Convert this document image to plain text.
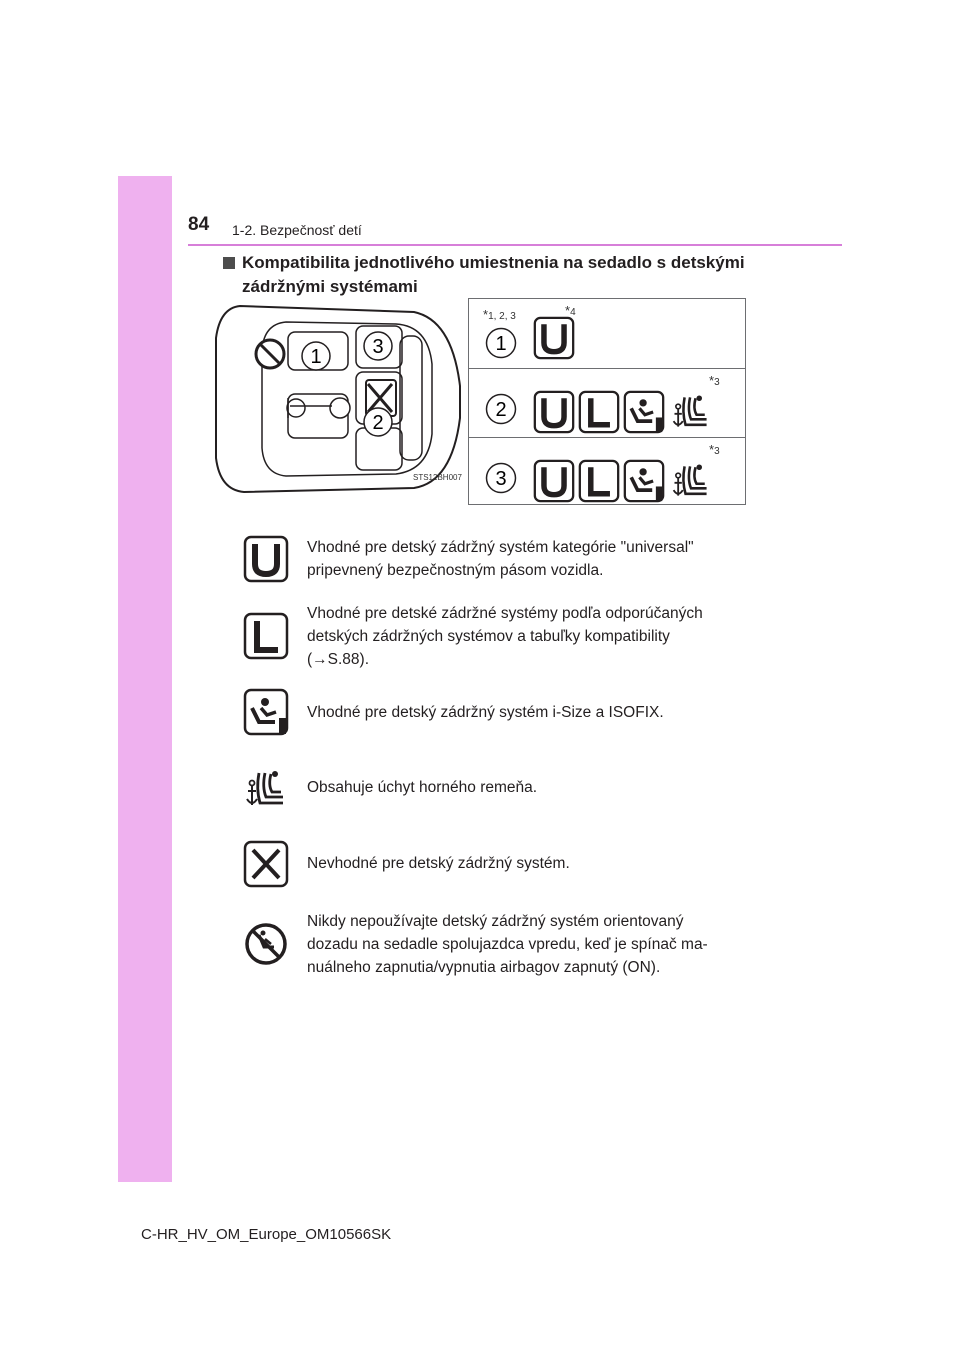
84 1-2. Bezpečnosť detí
Kompatibilita jednotlivého umiestnenia na sedadlo s detskými zádržnými systémami
1	3
2
STS12BH007
*1, 2, 3	*4
1
*3
2
*3
3
Vhodné pre detský zádržný systém kategórie "universal"
pripevnený bezpečnostným pásom vozidla.
Vhodné pre detské zádržné systémy podľa odporúčaných
detských zádržných systémov a tabuľky kompatibility
(→S.88).
Vhodné pre detský zádržný systém i-Size a ISOFIX.
Obsahuje úchyt horného remeňa.
Nevhodné pre detský zádržný systém.
Nikdy nepoužívajte detský zádržný systém orientovaný
dozadu na sedadle spolujazdca vpredu, keď je spínač ma-
nuálneho zapnutia/vypnutia airbagov zapnutý (ON).
C-HR_HV_OM_Europe_OM10566SK
